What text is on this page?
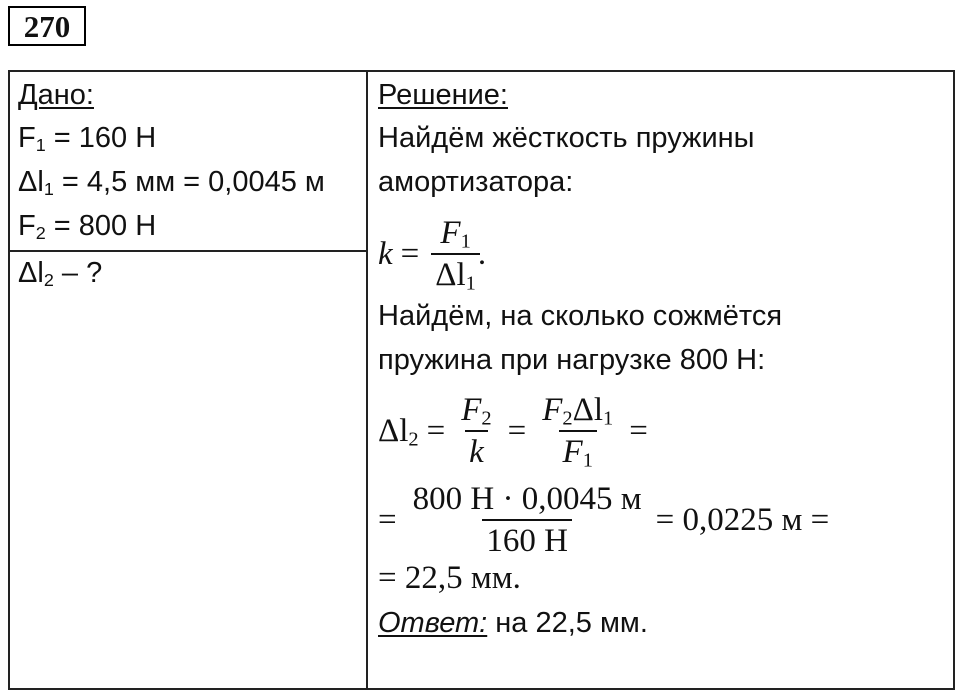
270
Дано:
$F_1 = 160$ Н
$\Delta l_1 = 4,5$ мм = 0,0045 м
$F_2 = 800$ Н
$\Delta l_2$ – ?
Решение:
Найдём жёсткость пружины
амортизатора:
$k = \frac{F_1}{\Delta l_1}$
.
Найдём, на сколько сожмётся
пружина при нагрузке 800 Н:
$\Delta l_2 = \frac{F_2}{k} = \frac{F_2\Delta l_1}{F_1}$ =
= $\frac{800 Н \cdot 0,0045 м}{160 Н} = 0,0225$ м =
= 22,5 мм.
Ответ: на 22,5 мм.
